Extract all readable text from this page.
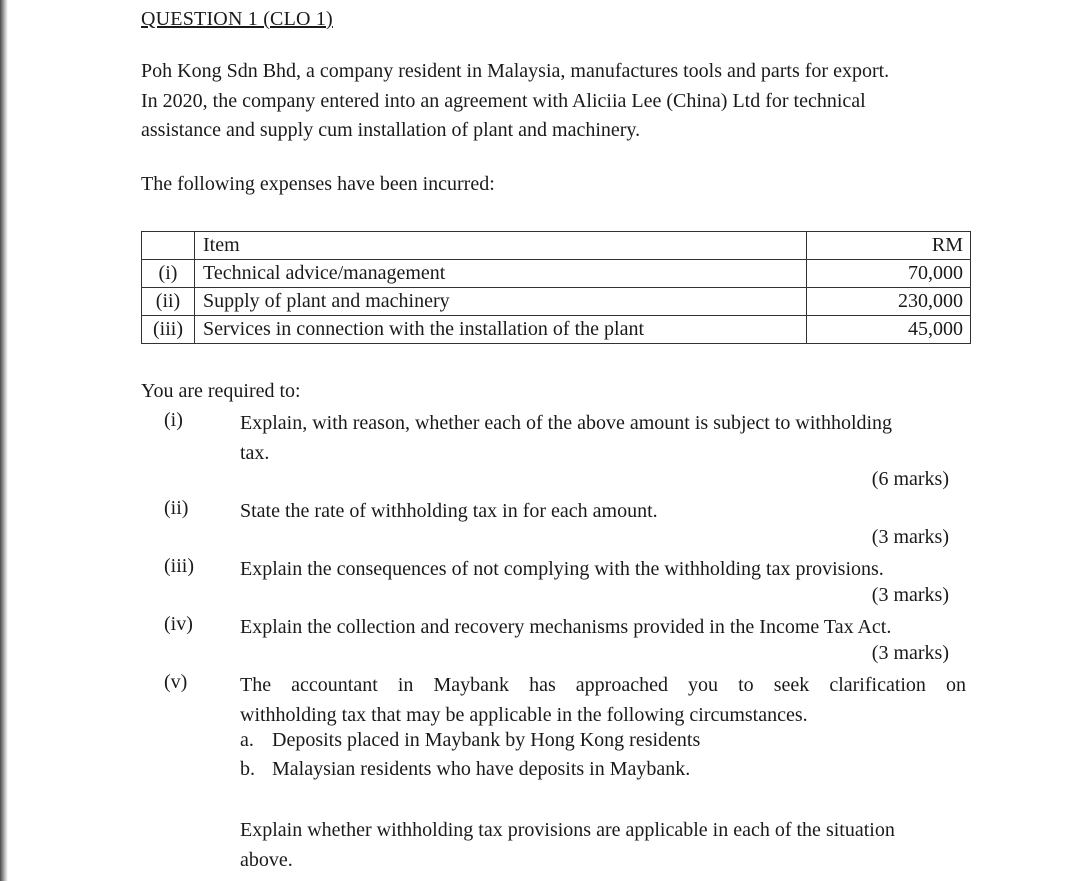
QUESTION 1 (CLO 1)
Poh Kong Sdn Bhd, a company resident in Malaysia, manufactures tools and parts for export.
In 2020, the company entered into an agreement with Aliciia Lee (China) Ltd for technical
assistance and supply cum installation of plant and machinery.
The following expenses have been incurred:
	Item	RM
(i)	Technical advice/management	70,000
(ii)	Supply of plant and machinery	230,000
(iii)	Services in connection with the installation of the plant	45,000
You are required to:
(i)	Explain, with reason, whether each of the above amount is subject to withholding
tax.
(6 marks)
(ii)	State the rate of withholding tax in for each amount.
(3 marks)
(iii)	Explain the consequences of not complying with the withholding tax provisions.
(3 marks)
(iv)	Explain the collection and recovery mechanisms provided in the Income Tax Act.
(3 marks)
(v)	The accountant in Maybank has approached you to seek clarification on
withholding tax that may be applicable in the following circumstances.
a. Deposits placed in Maybank by Hong Kong residents
b. Malaysian residents who have deposits in Maybank.
Explain whether withholding tax provisions are applicable in each of the situation
above.
